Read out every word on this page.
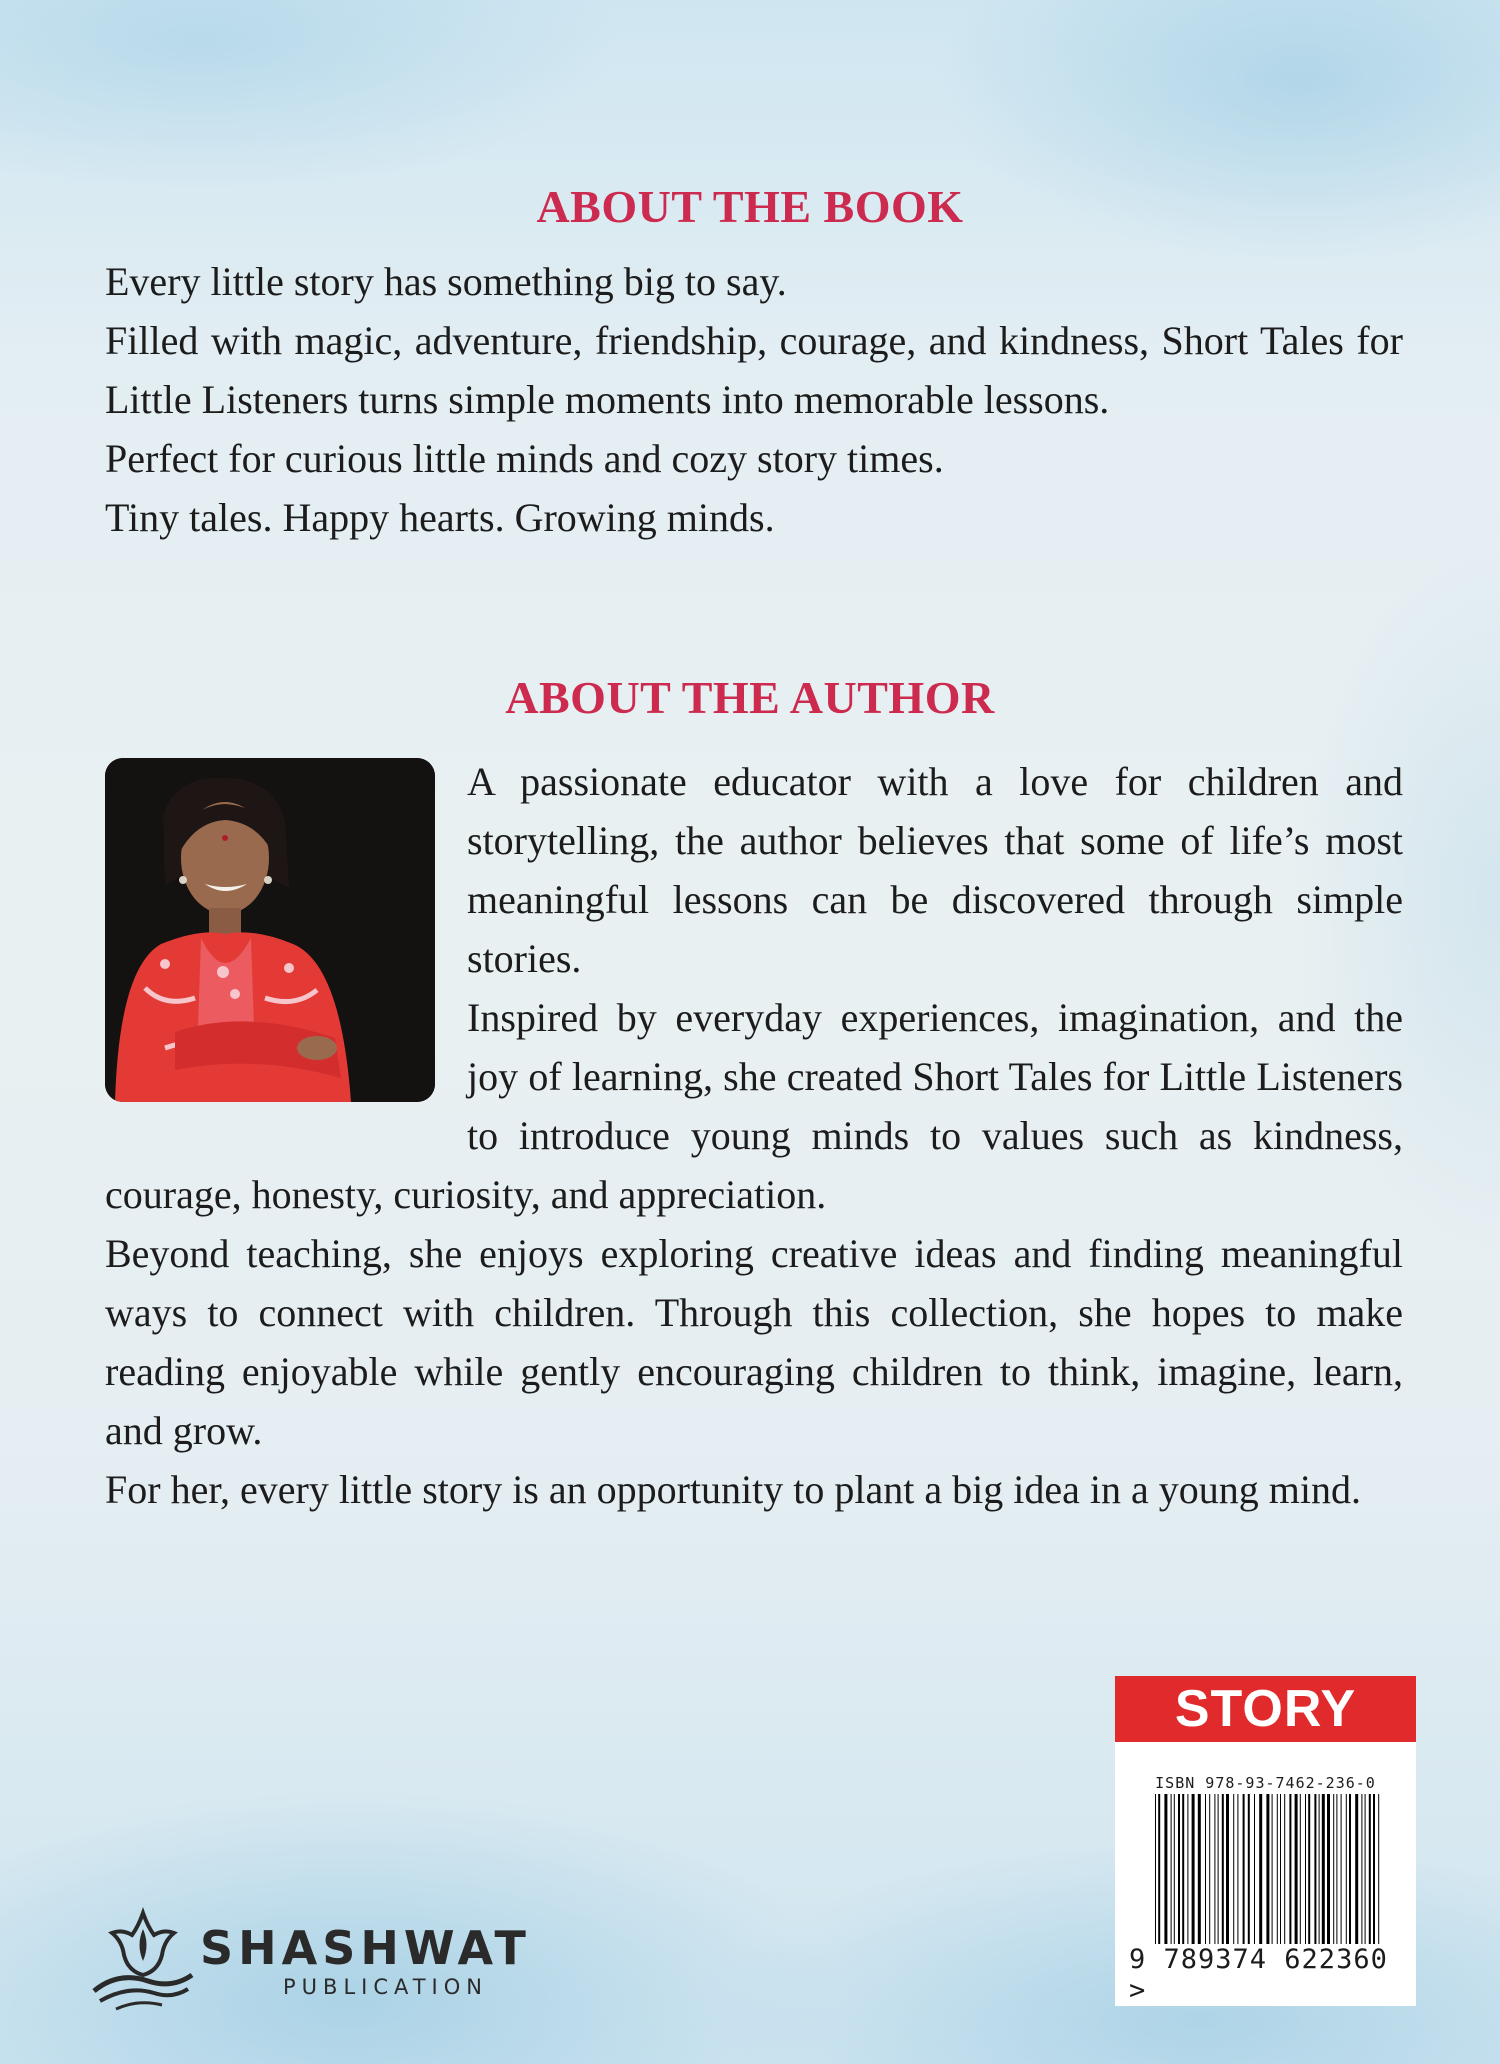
ABOUT THE BOOK

Every little story has something big to say.

Filled with magic, adventure, friendship, courage, and kindness, Short Tales for Little Listeners turns simple moments into memorable lessons.

Perfect for curious little minds and cozy story times.

Tiny tales. Happy hearts. Growing minds.

ABOUT THE AUTHOR

A passionate educator with a love for children and storytelling, the author believes that some of life’s most meaningful lessons can be discovered through simple stories.

Inspired by everyday experiences, imagination, and the joy of learning, she created Short Tales for Little Listeners to introduce young minds to values such as kindness, courage, honesty, curiosity, and appreciation.

Beyond teaching, she enjoys exploring creative ideas and finding meaningful ways to connect with children. Through this collection, she hopes to make reading enjoyable while gently encouraging children to think, imagine, learn, and grow.

For her, every little story is an opportunity to plant a big idea in a young mind.

STORY
ISBN 978-93-7462-236-0
9 789374 622360 >
SHASHWAT
PUBLICATION
